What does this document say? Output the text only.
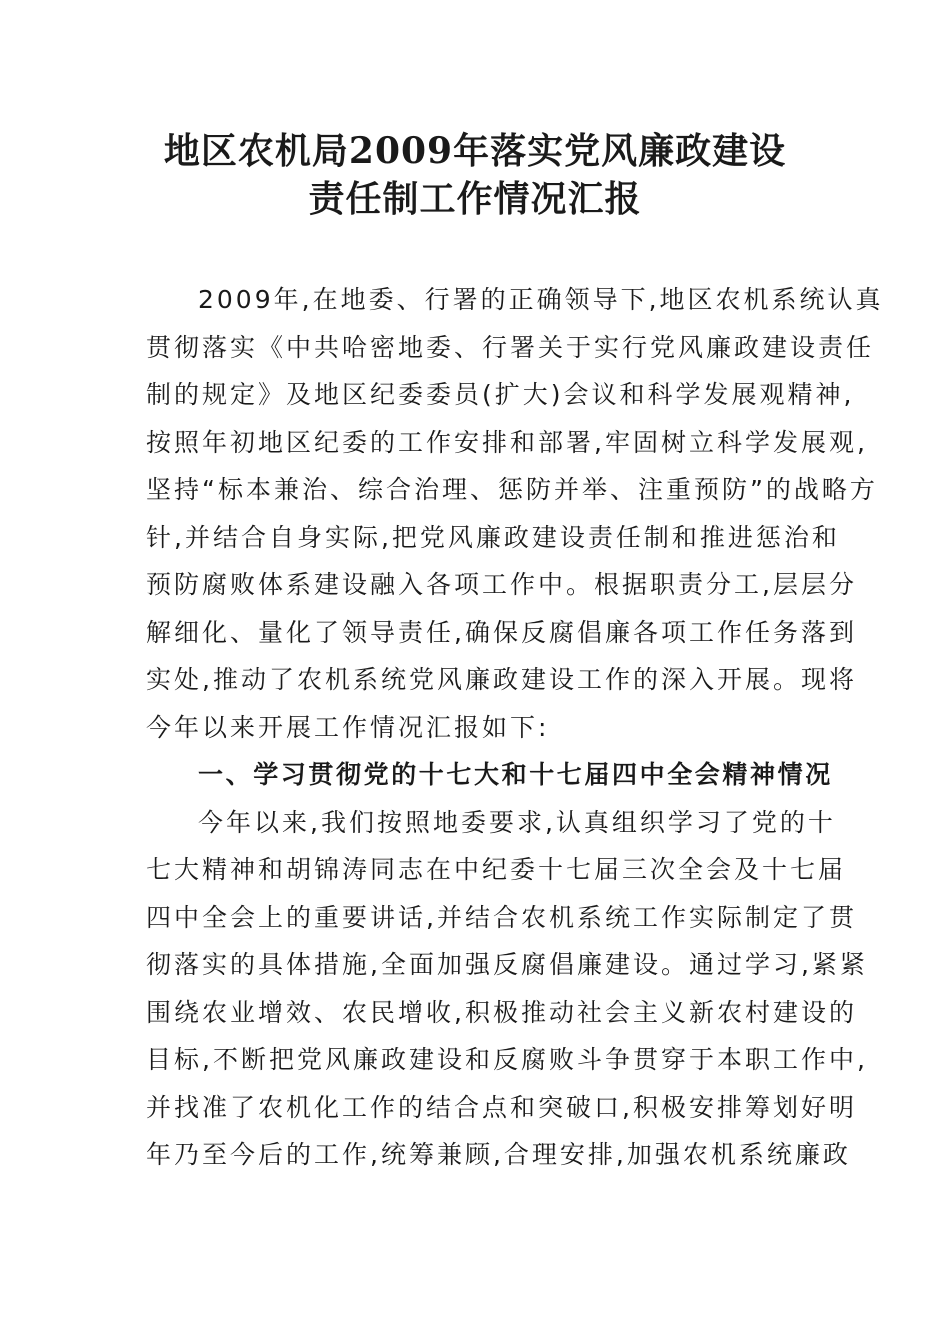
地区农机局2009年落实党风廉政建设
责任制工作情况汇报
2009年,在地委、行署的正确领导下,地区农机系统认真
贯彻落实《中共哈密地委、行署关于实行党风廉政建设责任
制的规定》及地区纪委委员(扩大)会议和科学发展观精神,
按照年初地区纪委的工作安排和部署,牢固树立科学发展观,
坚持“标本兼治、综合治理、惩防并举、注重预防”的战略方
针,并结合自身实际,把党风廉政建设责任制和推进惩治和
预防腐败体系建设融入各项工作中。根据职责分工,层层分
解细化、量化了领导责任,确保反腐倡廉各项工作任务落到
实处,推动了农机系统党风廉政建设工作的深入开展。现将
今年以来开展工作情况汇报如下:
一、学习贯彻党的十七大和十七届四中全会精神情况
今年以来,我们按照地委要求,认真组织学习了党的十
七大精神和胡锦涛同志在中纪委十七届三次全会及十七届
四中全会上的重要讲话,并结合农机系统工作实际制定了贯
彻落实的具体措施,全面加强反腐倡廉建设。通过学习,紧紧
围绕农业增效、农民增收,积极推动社会主义新农村建设的
目标,不断把党风廉政建设和反腐败斗争贯穿于本职工作中,
并找准了农机化工作的结合点和突破口,积极安排筹划好明
年乃至今后的工作,统筹兼顾,合理安排,加强农机系统廉政
